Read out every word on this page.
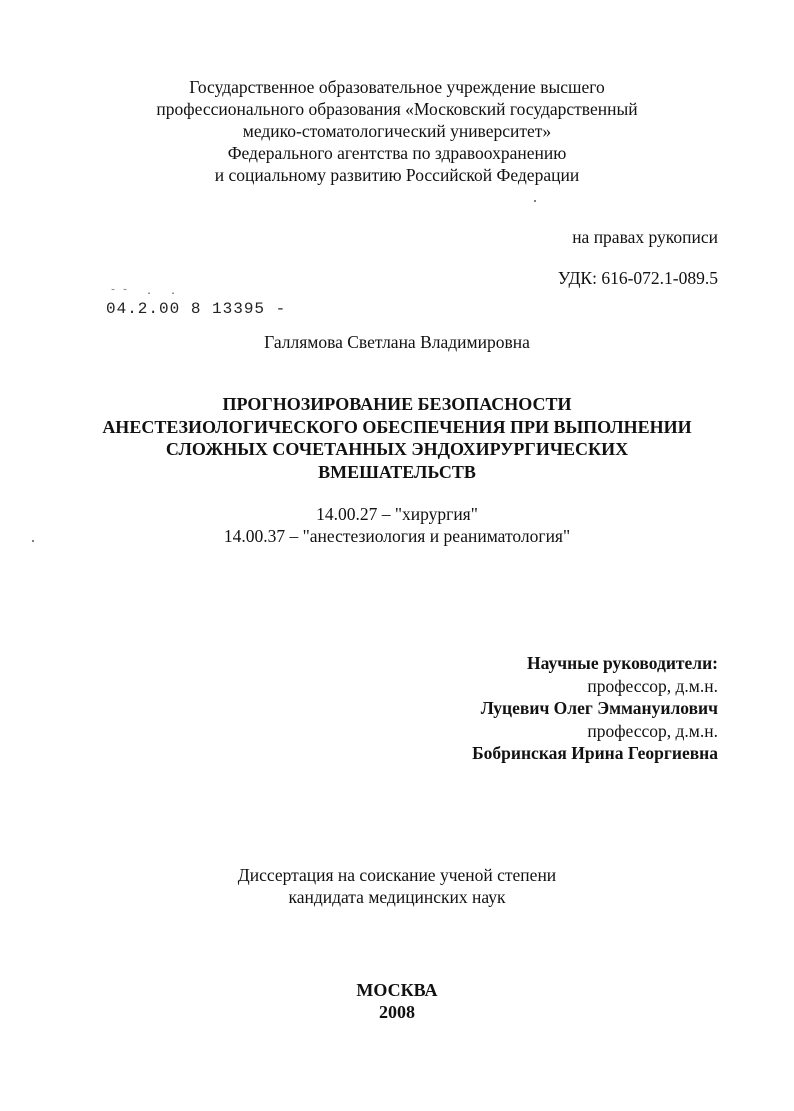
Государственное образовательное учреждение высшего
профессионального образования «Московский государственный
медико-стоматологический университет»
Федерального агентства по здравоохранению
и социальному развитию Российской Федерации
на правах рукописи
УДК: 616-072.1-089.5
˘˘ · ·
04.2.00 8 13395 -
Галлямова Светлана Владимировна
ПРОГНОЗИРОВАНИЕ БЕЗОПАСНОСТИ
АНЕСТЕЗИОЛОГИЧЕСКОГО ОБЕСПЕЧЕНИЯ ПРИ ВЫПОЛНЕНИИ
СЛОЖНЫХ СОЧЕТАННЫХ ЭНДОХИРУРГИЧЕСКИХ
ВМЕШАТЕЛЬСТВ
14.00.27 – "хирургия"
14.00.37 – "анестезиология и реаниматология"
Научные руководители:
профессор, д.м.н.
Луцевич Олег Эммануилович
профессор, д.м.н.
Бобринская Ирина Георгиевна
Диссертация на соискание ученой степени
кандидата медицинских наук
МОСКВА
2008
